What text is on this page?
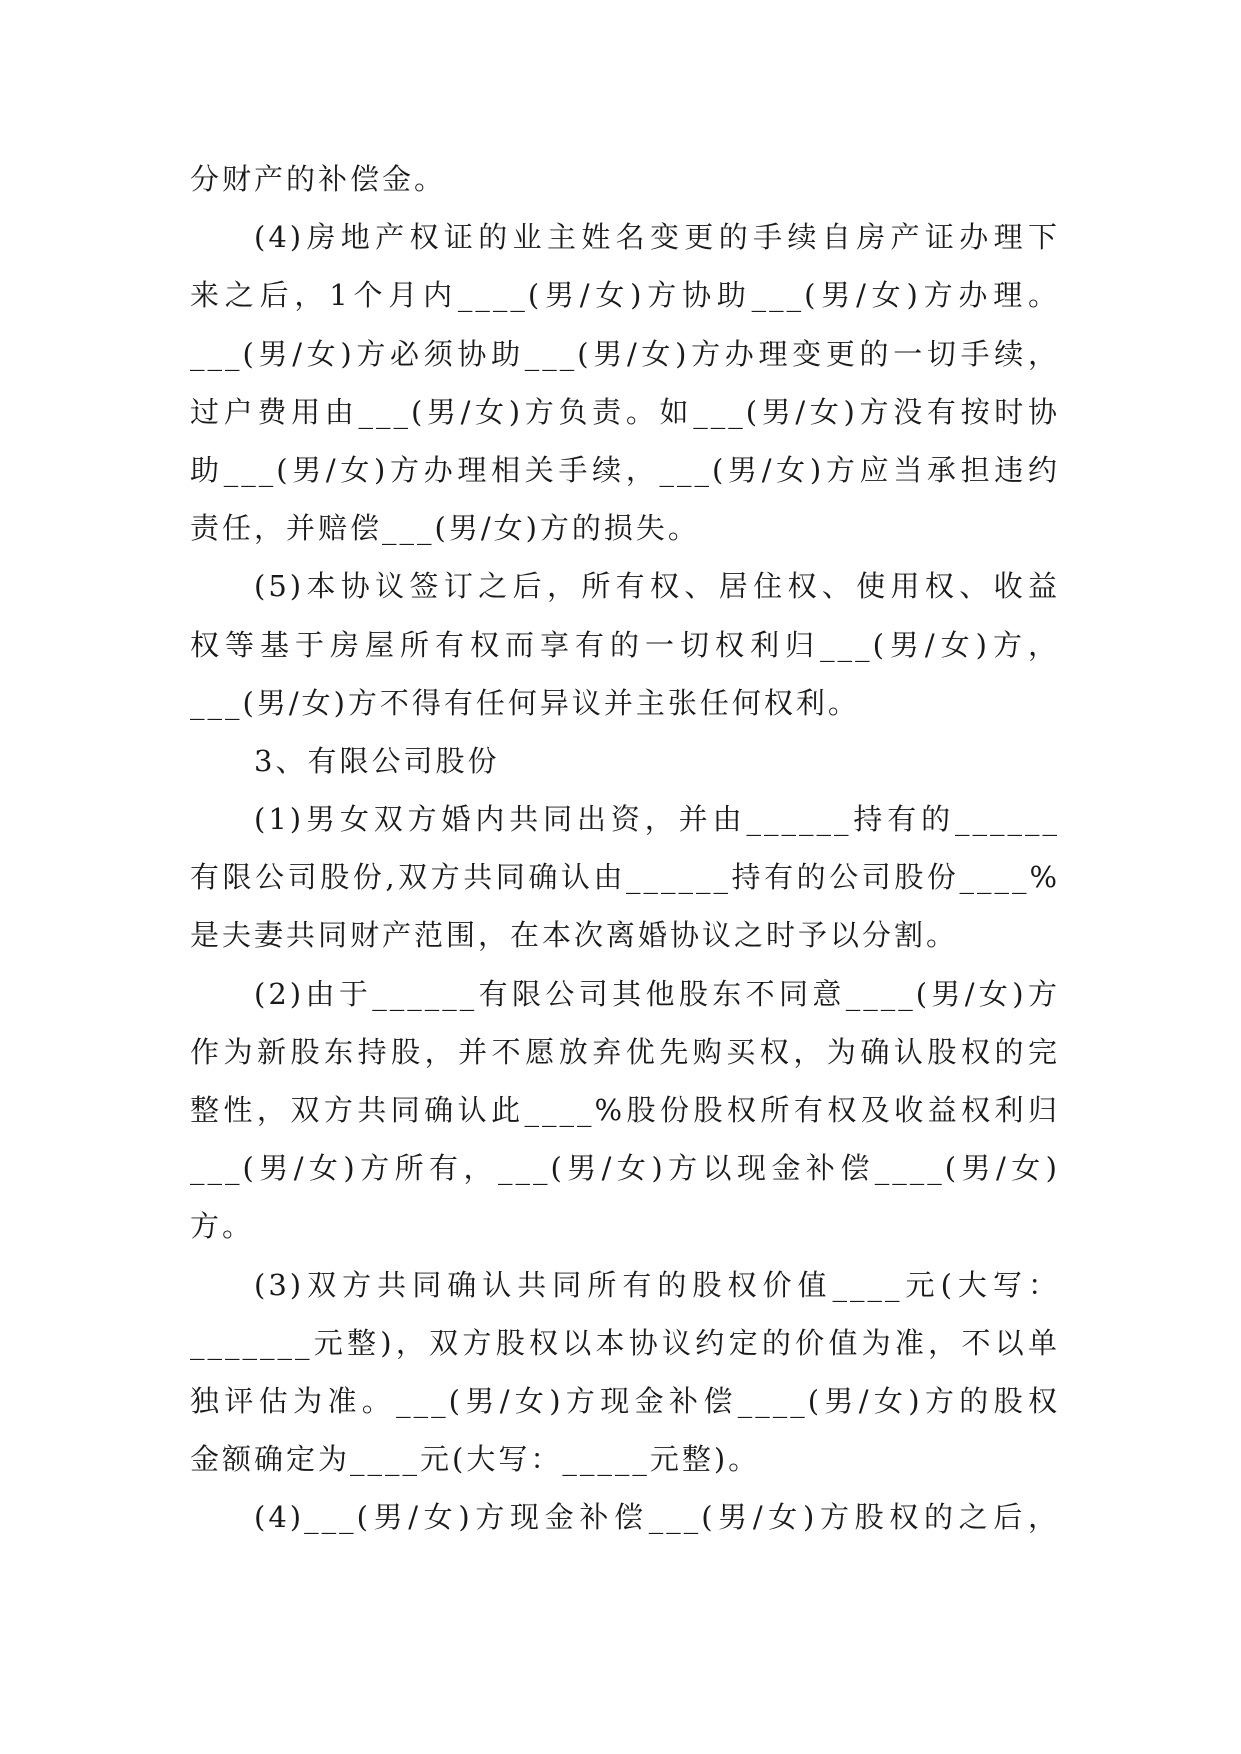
分财产的补偿金。
(4)房地产权证的业主姓名变更的手续自房产证办理下
来之后，1个月内____(男/女)方协助___(男/女)方办理。
___(男/女)方必须协助___(男/女)方办理变更的一切手续，
过户费用由___(男/女)方负责。如___(男/女)方没有按时协
助___(男/女)方办理相关手续，___(男/女)方应当承担违约
责任，并赔偿___(男/女)方的损失。
(5)本协议签订之后，所有权、居住权、使用权、收益
权等基于房屋所有权而享有的一切权利归___(男/女)方，
___(男/女)方不得有任何异议并主张任何权利。
3、有限公司股份
(1)男女双方婚内共同出资，并由______持有的______
有限公司股份,双方共同确认由______持有的公司股份____%
是夫妻共同财产范围，在本次离婚协议之时予以分割。
(2)由于______有限公司其他股东不同意____(男/女)方
作为新股东持股，并不愿放弃优先购买权，为确认股权的完
整性，双方共同确认此____%股份股权所有权及收益权利归
___(男/女)方所有，___(男/女)方以现金补偿____(男/女)
方。
(3)双方共同确认共同所有的股权价值____元(大写：
_______元整)，双方股权以本协议约定的价值为准，不以单
独评估为准。___(男/女)方现金补偿____(男/女)方的股权
金额确定为____元(大写：_____元整)。
(4)___(男/女)方现金补偿___(男/女)方股权的之后，
